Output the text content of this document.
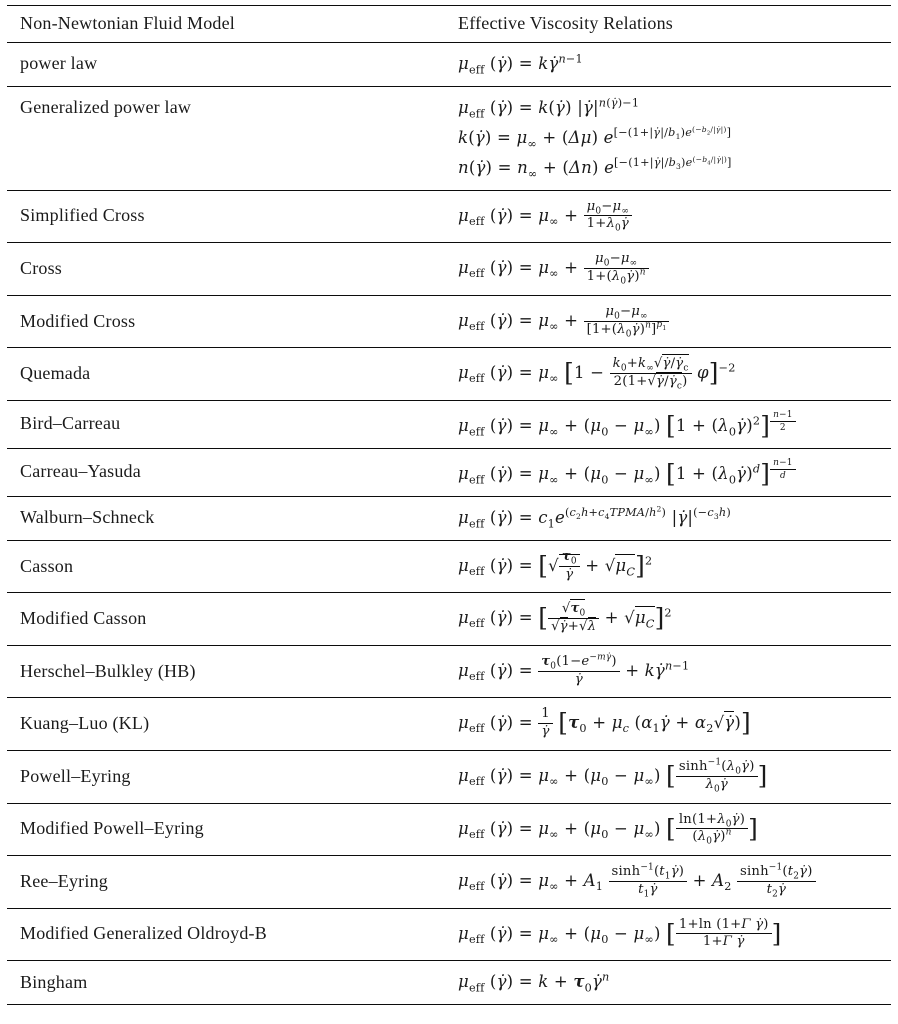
Non-Newtonian Fluid Model	Effective Viscosity Relations
power law	$\mu_{eff}$ (γ̇) = kγ̇$^{n-1}$

Generalized power law	$\mu_{eff}$ (γ̇) = k(γ̇) $|\gammȧ|^{n(\gammȧ)-1}$
k(γ̇) = $\mu_\infty + (\Delta\mu)$ e[−(1+|γ̇|/b1)e(−b2/|γ̇|)]
n(γ̇) = $n_\infty + (\Delta n)$ e[−(1+|γ̇|/b3)e(−b4/|γ̇|)]

Simplified Cross	$\mu_{eff}$ (γ̇) = $\mu_\infty + \frac{\mu_0-\mu_\infty}{1+\lambda_0\gammȧ}$

Cross	$\mu_{eff}$ (γ̇) = $\mu_\infty + \frac{\mu_0-\mu_\infty}{1+(\lambda_0\gammȧ)^n}$

Modified Cross	$\mu_{eff}$ (γ̇) = $\mu_\infty + \frac{\mu_0-\mu_\infty}{[1+(\lambda_0\gammȧ)^n]^{p_1}}$

Quemada	$\mu_{eff}$ (γ̇) = $\mu_\infty$ $[1 - \frac{k_0+k_\infty√\gammȧ/\gammȧ_c}{2(1+√\gammȧ/\gammȧ_c)} \varphi]^{-2}$

Bird–Carreau	$\mu_{eff}$ (γ̇) = $\mu_\infty + (\mu_0 - \mu_\infty) [1$ + $(\lambda_0\gammȧ)^2$] $^{\frac{n-1}{2}}$

Carreau–Yasuda	$\mu_{eff}$ (γ̇) = $\mu_\infty + (\mu_0 - \mu_\infty) [1$ + $(\lambda_0\gammȧ)^d$] $^{\frac{n-1}{d}}$

Walburn–Schneck	$\mu_{eff}$ (γ̇) = $c_1e^{(c_2h+c_4TPMA/h^2)}$ $|\gammȧ|^{(-c_3h)}$

Casson	$\mu_{eff}$ (γ̇) = [√ $\frac{\tau_0}{\gammȧ} + √\mu_C]^2$

Modified Casson	$\mu_{eff}$ (γ̇) = [ $\frac{√\tau_0}{√\gammȧ+√\lambda} + √\mu_C]^2$

Herschel–Bulkley (HB)	$\mu_{eff}$ (γ̇) = $\frac{\tau_0(1-e^{-m\gammȧ})}{\gammȧ}$ + kγ̇$^{n-1}$

Kuang–Luo (KL)	$\mu_{eff}$ (γ̇) = $\frac{1}{\gammȧ} [\tau_0 + \mu_c$ ($\alpha_1\gammȧ$ + $\alpha_2√\gammȧ$)]

Powell–Eyring	$\mu_{eff}$ (γ̇) = $\mu_\infty + (\mu_0 - \mu_\infty)$ [ $\frac{\sinh^{-1}(\lambda_0\gammȧ)}{\lambda_0\gammȧ}$ ]

Modified Powell–Eyring	$\mu_{eff}$ (γ̇) = $\mu_\infty + (\mu_0 - \mu_\infty)$ [ $\frac{\ln(1+\lambda_0\gammȧ)}{(\lambda_0\gammȧ)^n}$ ]

Ree–Eyring	$\mu_{eff}$ (γ̇) = $\mu_\infty + A_1 \frac{\sinh^{-1}(t_1\gammȧ)}{t_1\gammȧ} + A_2 \frac{\sinh^{-1}(t_2\gammȧ)}{t_2\gammȧ}$

Modified Generalized Oldroyd-B	$\mu_{eff}$ (γ̇) = $\mu_\infty + (\mu_0 - \mu_\infty)$ [ $\frac{\text{1+ln (1+Γ γ̇)}}{\text{1+Γ γ̇}}$ ]

Bingham	$\mu_{eff}$ (γ̇) = $k + \tau_0\gammȧ^n$
